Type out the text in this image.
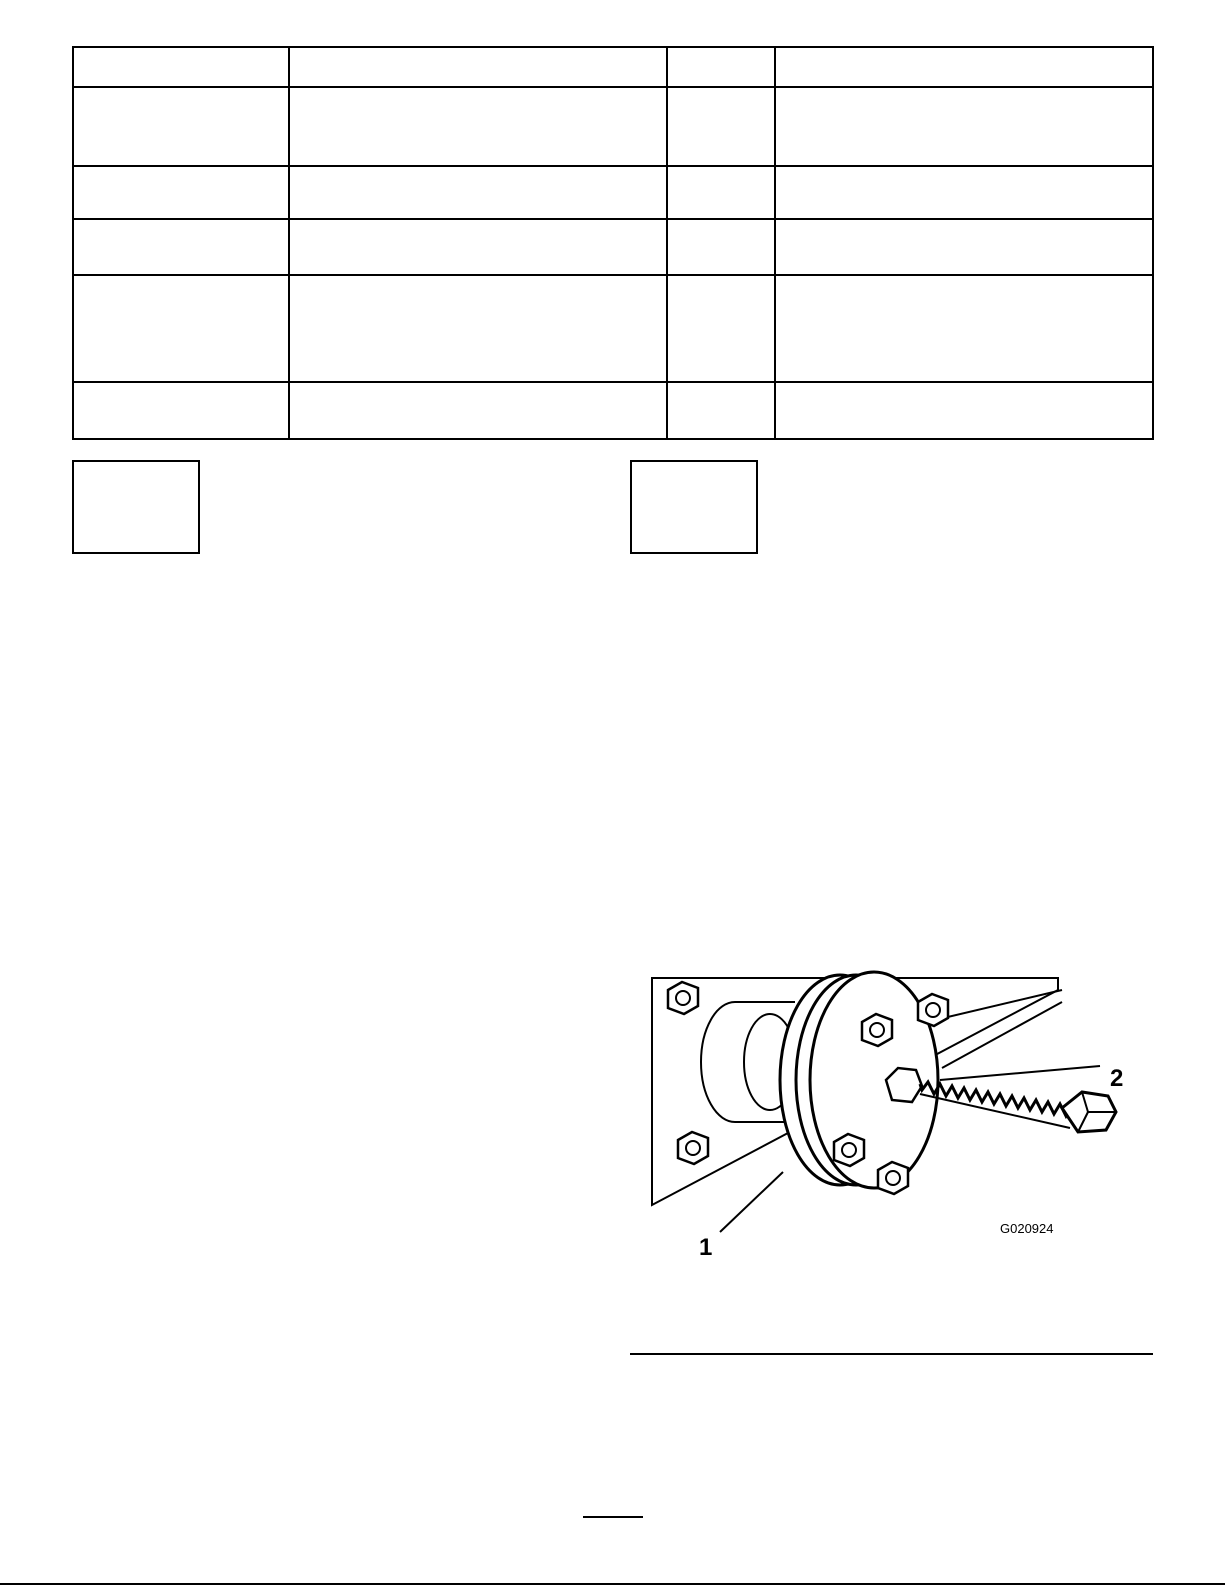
1
2
G020924
